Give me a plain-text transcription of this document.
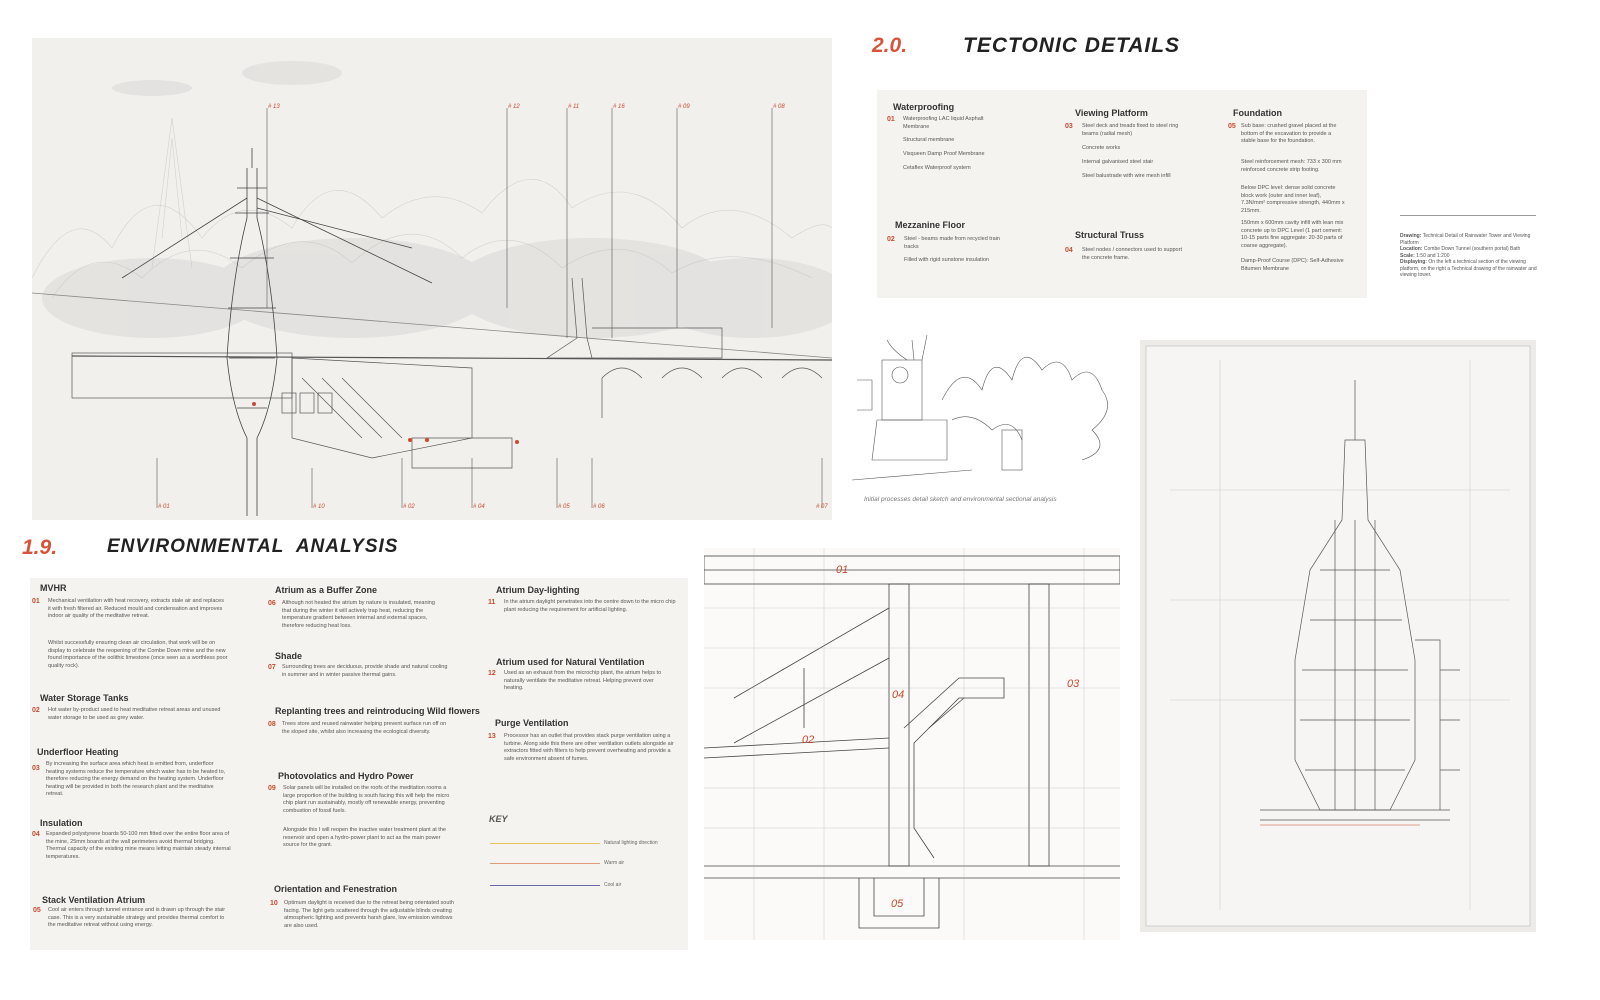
# 13	# 12	# 11	# 16	# 09	# 08
# 01	# 10	# 02	# 04	# 05	# 06	# 07
2.0.	TECTONIC DETAILS
Waterproofing
01 Waterproofing LAC liquid Asphalt Membrane
Structural membrane
Visqueen Damp Proof Membrane
Cetaflex Waterproof system
Viewing Platform
03 Steel deck and treads fixed to steel ring beams (radial mesh)
Concrete works
Internal galvanised steel stair
Steel balustrade with wire mesh infill
Foundation
05 Sub base: crushed gravel placed at the bottom of the excavation to provide a stable base for the foundation.
Steel reinforcement mesh: 733 x 300 mm reinforced concrete strip footing.
Below DPC level: dense solid concrete block work (outer and inner leaf), 7.3N/mm² compressive strength, 440mm x 215mm.
150mm x 600mm cavity infill with lean mix concrete up to DPC Level (1 part cement: 10-15 parts fine aggregate: 20-30 parts of coarse aggregate).
Damp-Proof Course (DPC): Self-Adhesive Bitumen Membrane
Mezzanine Floor
02 Steel - beams made from recycled train tracks
Filled with rigid sunstone insulation
Structural Truss
04 Steel nodes / connectors used to support the concrete frame.
Drawing: Technical Detail of Rainwater Tower and Viewing Platform
Location: Combe Down Tunnel (southern portal) Bath
Scale: 1:50 and 1:200
Displaying: On the left a technical section of the viewing platform, on the right a Technical drawing of the rainwater and viewing tower.
Initial processes detail sketch and environmental sectional analysis
1.9.	ENVIRONMENTAL  ANALYSIS
MVHR
01 Mechanical ventilation with heat recovery, extracts stale air and replaces it with fresh filtered air. Reduced mould and condensation and improves indoor air quality of the meditative retreat.
Whilst successfully ensuring clean air circulation, that work will be on display to celebrate the reopening of the Combe Down mine and the new found importance of the oolithic limestone (once seen as a worthless poor quality rock).
Water Storage Tanks
02 Hot water by-product used to heat meditative retreat areas and unused water storage to be used as grey water.
Underfloor Heating
03
By increasing the surface area which heat is emitted from, underfloor heating systems reduce the temperature which water has to be heated to, therefore reducing the energy demand on the heating system. Underfloor heating will be provided in both the research plant and the meditative retreat.
Insulation
04 Expanded polystyrene boards 50-100 mm fitted over the entire floor area of the mine, 25mm boards at the wall perimeters avoid thermal bridging. Thermal capacity of the existing mine means letting maintain steady internal temperatures.
Stack Ventilation Atrium
05 Cool air enters through tunnel entrance and is drawn up through the stair case. This is a very sustainable strategy and provides thermal comfort to the meditative retreat without using energy.
Atrium as a Buffer Zone
06 Although not heated the atrium by nature is insulated, meaning that during the winter it will actively trap heat, reducing the temperature gradient between internal and external spaces, therefore reducing heat loss.
Shade
07 Surrounding trees are deciduous, provide shade and natural cooling in summer and in winter passive thermal gains.
Replanting trees and reintroducing Wild flowers
08 Trees store and reused rainwater helping prevent surface run off on the sloped site, whilst also increasing the ecological diversity.
Photovolatics and Hydro Power
09 Solar panels will be installed on the roofs of the meditation rooms a large proportion of the building is south facing this will help the micro chip plant run sustainably, mostly off renewable energy, preventing combustion of fossil fuels.
Alongside this I will reopen the inactive water treatment plant at the reservoir and open a hydro-power plant to act as the main power source for the grant.
Orientation and Fenestration
10 Optimum daylight is received due to the retreat being orientated south facing. The light gets scattered through the adjustable blinds creating atmospheric lighting and prevents harsh glare, low emission windows are also used.
Atrium Day-lighting
11 In the atrium daylight penetrates into the centre down to the micro chip plant reducing the requirement for artificial lighting.
Atrium used for Natural Ventilation
12 Used as an exhaust from the microchip plant, the atrium helps to naturally ventilate the meditative retreat. Helping prevent over heating.
Purge Ventilation
13 Processor has an outlet that provides stack purge ventilation using a turbine. Along side this there are other ventilation outlets alongside air extractors fitted with filters to help prevent overheating and provide a safe environment absent of fumes.
KEY
Natural lighting direction
Warm air
Cool air
01
02
03
04
05
